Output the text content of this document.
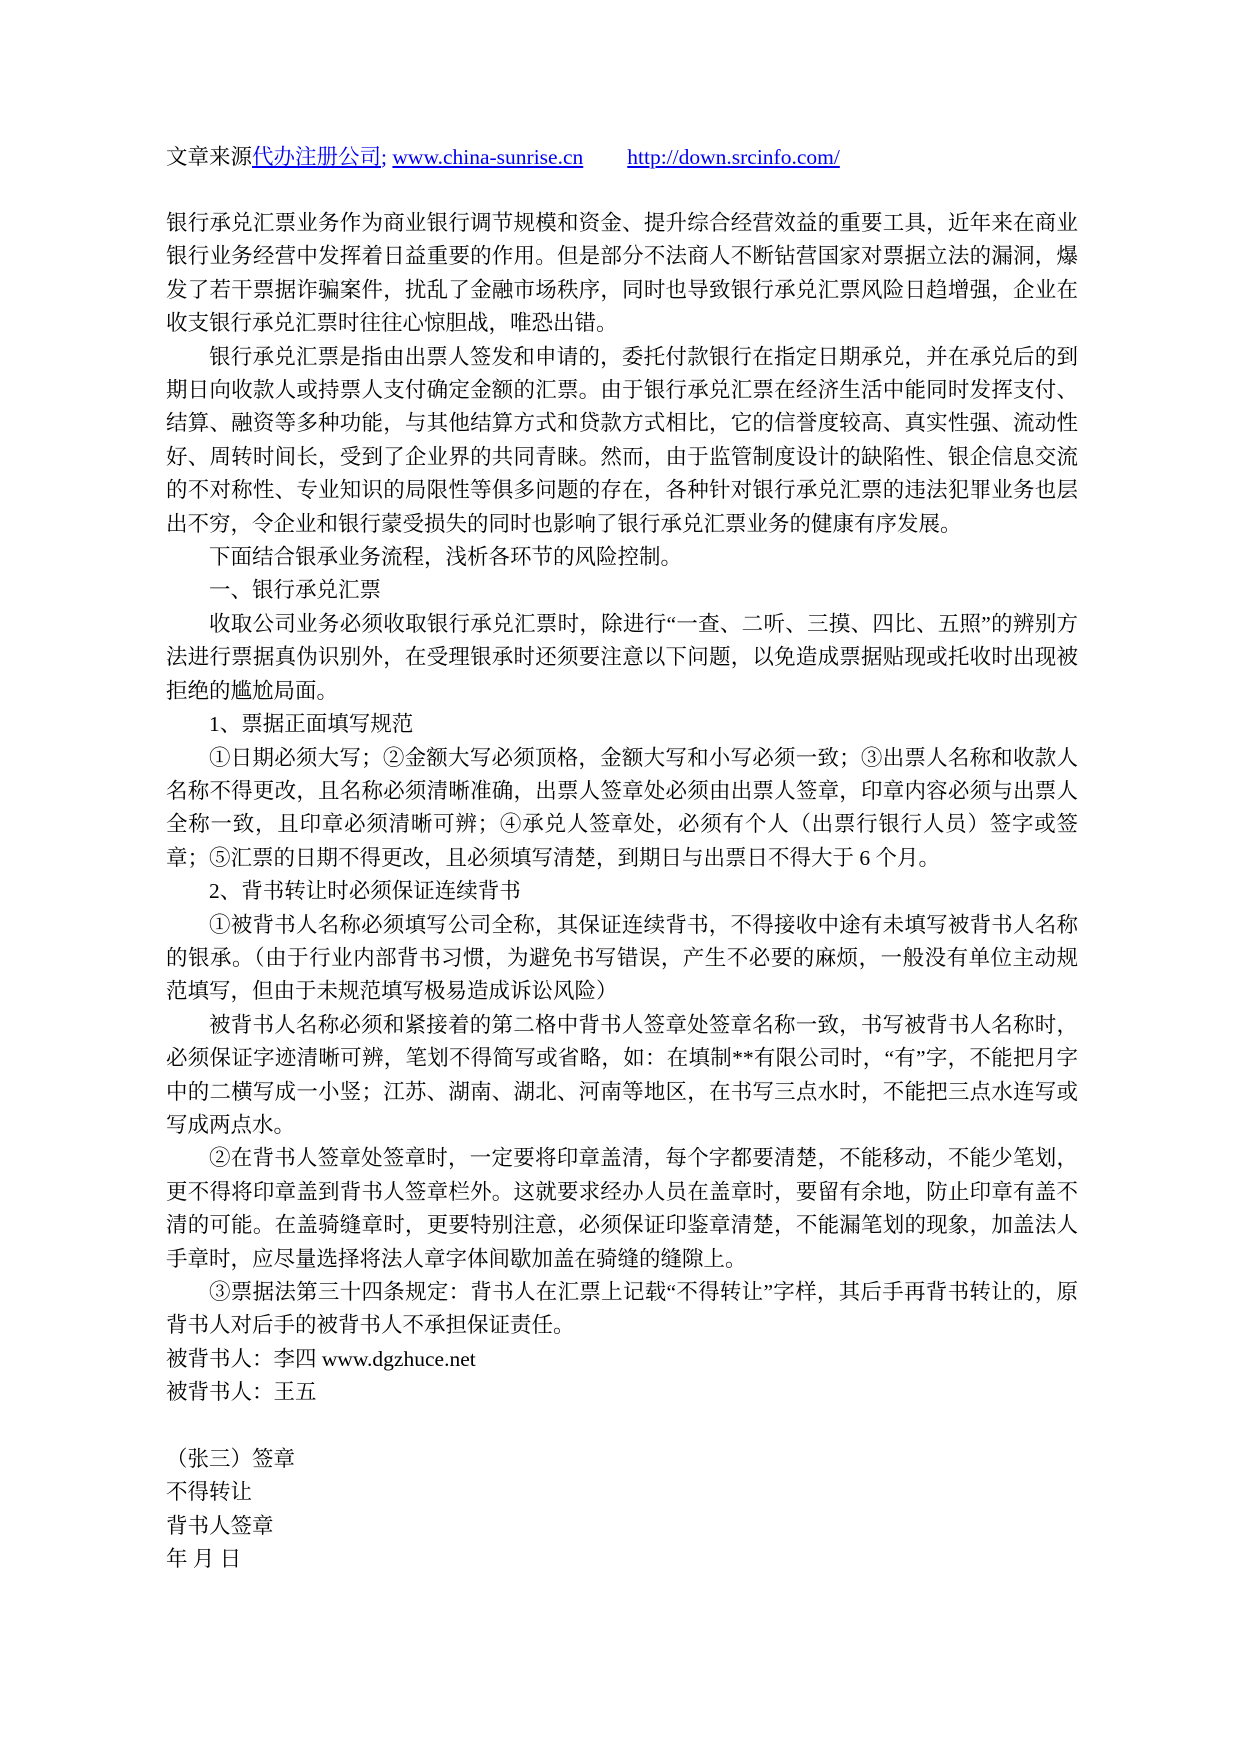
文章来源代办注册公司; www.china-sunrise.cn http://down.srcinfo.com/

银行承兑汇票业务作为商业银行调节规模和资金、提升综合经营效益的重要工具，近年来在商业银行业务经营中发挥着日益重要的作用。但是部分不法商人不断钻营国家对票据立法的漏洞，爆发了若干票据诈骗案件，扰乱了金融市场秩序，同时也导致银行承兑汇票风险日趋增强，企业在收支银行承兑汇票时往往心惊胆战，唯恐出错。

银行承兑汇票是指由出票人签发和申请的，委托付款银行在指定日期承兑，并在承兑后的到期日向收款人或持票人支付确定金额的汇票。由于银行承兑汇票在经济生活中能同时发挥支付、结算、融资等多种功能，与其他结算方式和贷款方式相比，它的信誉度较高、真实性强、流动性好、周转时间长，受到了企业界的共同青睐。然而，由于监管制度设计的缺陷性、银企信息交流的不对称性、专业知识的局限性等俱多问题的存在，各种针对银行承兑汇票的违法犯罪业务也层出不穷，令企业和银行蒙受损失的同时也影响了银行承兑汇票业务的健康有序发展。

下面结合银承业务流程，浅析各环节的风险控制。

一、银行承兑汇票

收取公司业务必须收取银行承兑汇票时，除进行“一查、二听、三摸、四比、五照”的辨别方法进行票据真伪识别外，在受理银承时还须要注意以下问题，以免造成票据贴现或托收时出现被拒绝的尴尬局面。

1、票据正面填写规范

①日期必须大写；②金额大写必须顶格，金额大写和小写必须一致；③出票人名称和收款人名称不得更改，且名称必须清晰准确，出票人签章处必须由出票人签章，印章内容必须与出票人全称一致，且印章必须清晰可辨；④承兑人签章处，必须有个人（出票行银行人员）签字或签章；⑤汇票的日期不得更改，且必须填写清楚，到期日与出票日不得大于 6 个月。

2、背书转让时必须保证连续背书

①被背书人名称必须填写公司全称，其保证连续背书，不得接收中途有未填写被背书人名称的银承。（由于行业内部背书习惯，为避免书写错误，产生不必要的麻烦，一般没有单位主动规范填写，但由于未规范填写极易造成诉讼风险）

被背书人名称必须和紧接着的第二格中背书人签章处签章名称一致，书写被背书人名称时，必须保证字迹清晰可辨，笔划不得简写或省略，如：在填制**有限公司时，“有”字，不能把月字中的二横写成一小竖；江苏、湖南、湖北、河南等地区，在书写三点水时，不能把三点水连写或写成两点水。

②在背书人签章处签章时，一定要将印章盖清，每个字都要清楚，不能移动，不能少笔划，更不得将印章盖到背书人签章栏外。这就要求经办人员在盖章时，要留有余地，防止印章有盖不清的可能。在盖骑缝章时，更要特别注意，必须保证印鉴章清楚，不能漏笔划的现象，加盖法人手章时，应尽量选择将法人章字体间歇加盖在骑缝的缝隙上。

③票据法第三十四条规定：背书人在汇票上记载“不得转让”字样，其后手再背书转让的，原背书人对后手的被背书人不承担保证责任。

被背书人：李四 www.dgzhuce.net

被背书人：王五

（张三）签章

不得转让

背书人签章

年 月 日
